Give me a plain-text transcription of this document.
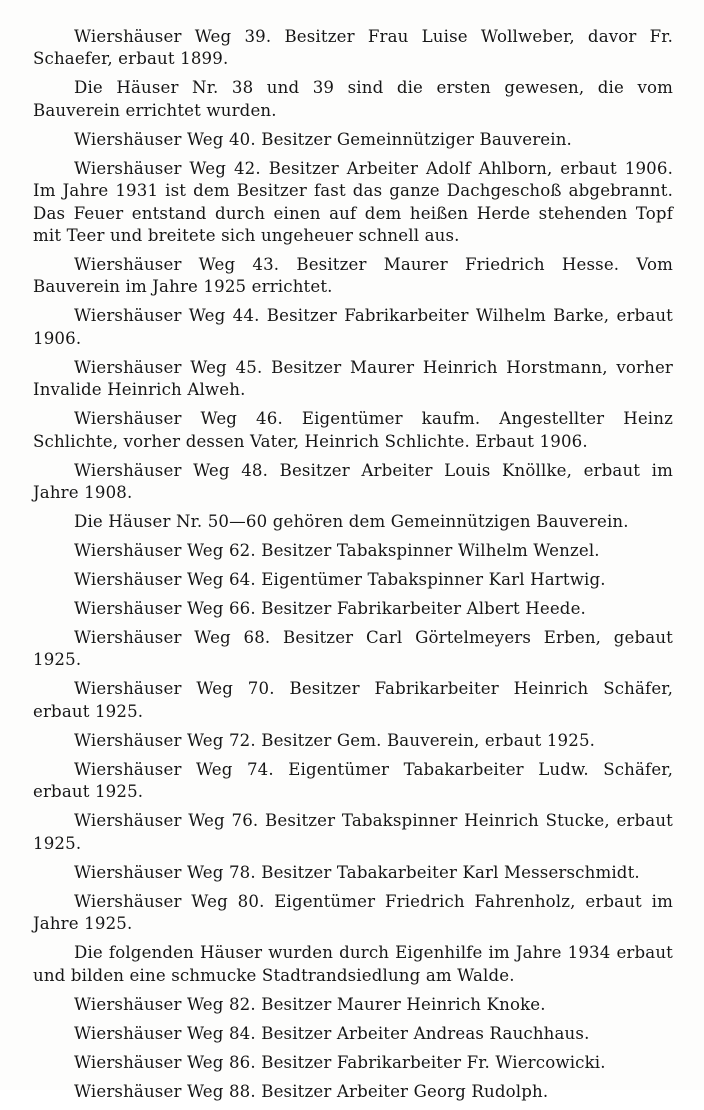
Wiershäuser Weg 39. Besitzer Frau Luise Wollweber, davor Fr. Schaefer, erbaut 1899.

Die Häuser Nr. 38 und 39 sind die ersten gewesen, die vom Bauverein errichtet wurden.

Wiershäuser Weg 40. Besitzer Gemeinnütziger Bauverein.

Wiershäuser Weg 42. Besitzer Arbeiter Adolf Ahlborn, erbaut 1906. Im Jahre 1931 ist dem Besitzer fast das ganze Dachgeschoß abgebrannt. Das Feuer entstand durch einen auf dem heißen Herde stehenden Topf mit Teer und breitete sich ungeheuer schnell aus.

Wiershäuser Weg 43. Besitzer Maurer Friedrich Hesse. Vom Bauverein im Jahre 1925 errichtet.

Wiershäuser Weg 44. Besitzer Fabrikarbeiter Wilhelm Barke, erbaut 1906.

Wiershäuser Weg 45. Besitzer Maurer Heinrich Horstmann, vorher Invalide Heinrich Alweh.

Wiershäuser Weg 46. Eigentümer kaufm. Angestellter Heinz Schlichte, vorher dessen Vater, Heinrich Schlichte. Erbaut 1906.

Wiershäuser Weg 48. Besitzer Arbeiter Louis Knöllke, erbaut im Jahre 1908.

Die Häuser Nr. 50—60 gehören dem Gemeinnützigen Bauverein.

Wiershäuser Weg 62. Besitzer Tabakspinner Wilhelm Wenzel.

Wiershäuser Weg 64. Eigentümer Tabakspinner Karl Hartwig.

Wiershäuser Weg 66. Besitzer Fabrikarbeiter Albert Heede.

Wiershäuser Weg 68. Besitzer Carl Görtelmeyers Erben, gebaut 1925.

Wiershäuser Weg 70. Besitzer Fabrikarbeiter Heinrich Schäfer, erbaut 1925.

Wiershäuser Weg 72. Besitzer Gem. Bauverein, erbaut 1925.

Wiershäuser Weg 74. Eigentümer Tabakarbeiter Ludw. Schäfer, erbaut 1925.

Wiershäuser Weg 76. Besitzer Tabakspinner Heinrich Stucke, erbaut 1925.

Wiershäuser Weg 78. Besitzer Tabakarbeiter Karl Messerschmidt.

Wiershäuser Weg 80. Eigentümer Friedrich Fahrenholz, erbaut im Jahre 1925.

Die folgenden Häuser wurden durch Eigenhilfe im Jahre 1934 erbaut und bilden eine schmucke Stadtrandsiedlung am Walde.

Wiershäuser Weg 82. Besitzer Maurer Heinrich Knoke.

Wiershäuser Weg 84. Besitzer Arbeiter Andreas Rauchhaus.

Wiershäuser Weg 86. Besitzer Fabrikarbeiter Fr. Wiercowicki.

Wiershäuser Weg 88. Besitzer Arbeiter Georg Rudolph.
